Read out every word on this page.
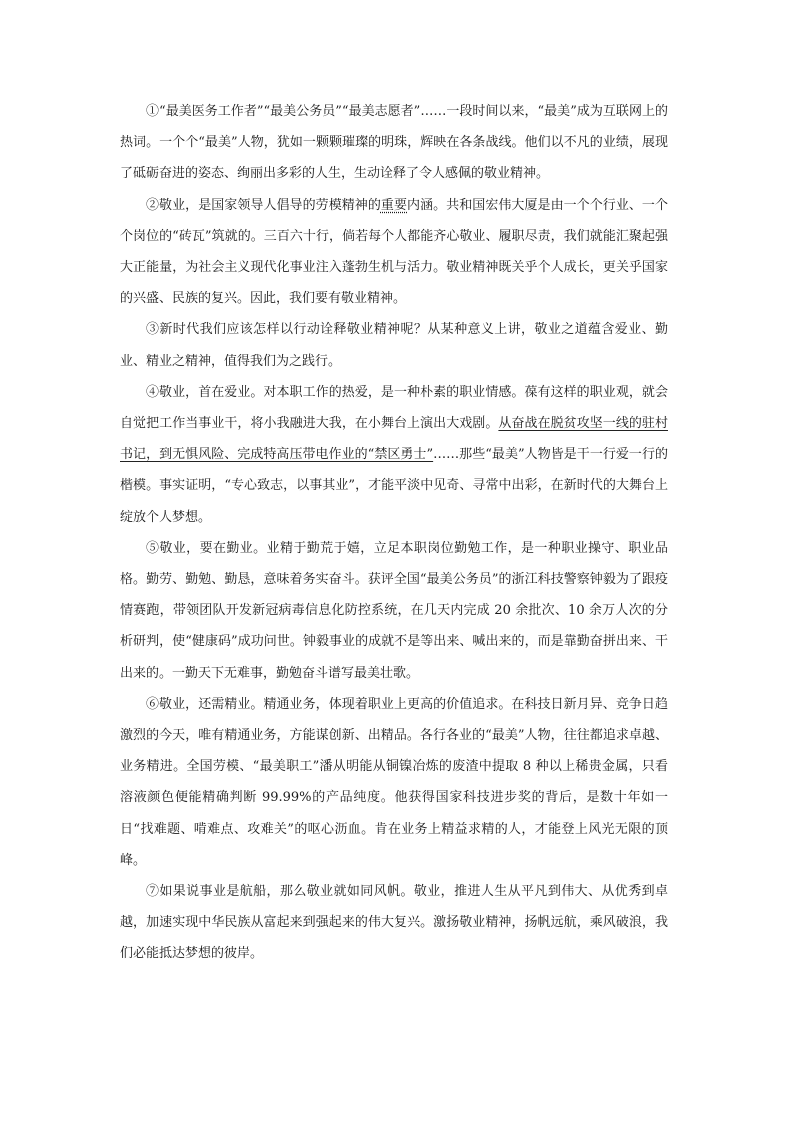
①“最美医务工作者”“最美公务员”“最美志愿者”……一段时间以来，“最美”成为互联网上的热词。一个个“最美”人物，犹如一颗颗璀璨的明珠，辉映在各条战线。他们以不凡的业绩，展现了砥砺奋进的姿态、绚丽出多彩的人生，生动诠释了令人感佩的敬业精神。

②敬业，是国家领导人倡导的劳模精神的重要内涵。共和国宏伟大厦是由一个个行业、一个个岗位的“砖瓦”筑就的。三百六十行，倘若每个人都能齐心敬业、履职尽责，我们就能汇聚起强大正能量，为社会主义现代化事业注入蓬勃生机与活力。敬业精神既关乎个人成长，更关乎国家的兴盛、民族的复兴。因此，我们要有敬业精神。

③新时代我们应该怎样以行动诠释敬业精神呢？从某种意义上讲，敬业之道蕴含爱业、勤业、精业之精神，值得我们为之践行。

④敬业，首在爱业。对本职工作的热爱，是一种朴素的职业情感。葆有这样的职业观，就会自觉把工作当事业干，将小我融进大我，在小舞台上演出大戏剧。从奋战在脱贫攻坚一线的驻村书记，到无惧风险、完成特高压带电作业的“禁区勇士”……那些“最美”人物皆是干一行爱一行的楷模。事实证明，“专心致志，以事其业”，才能平淡中见奇、寻常中出彩，在新时代的大舞台上绽放个人梦想。

⑤敬业，要在勤业。业精于勤荒于嬉，立足本职岗位勤勉工作，是一种职业操守、职业品格。勤劳、勤勉、勤恳，意味着务实奋斗。获评全国“最美公务员”的浙江科技警察钟毅为了跟疫情赛跑，带领团队开发新冠病毒信息化防控系统，在几天内完成 20 余批次、10 余万人次的分析研判，使“健康码”成功问世。钟毅事业的成就不是等出来、喊出来的，而是靠勤奋拼出来、干出来的。一勤天下无难事，勤勉奋斗谱写最美壮歌。

⑥敬业，还需精业。精通业务，体现着职业上更高的价值追求。在科技日新月异、竞争日趋激烈的今天，唯有精通业务，方能谋创新、出精品。各行各业的“最美”人物，往往都追求卓越、业务精进。全国劳模、“最美职工”潘从明能从铜镍冶炼的废渣中提取 8 种以上稀贵金属，只看溶液颜色便能精确判断 99.99%的产品纯度。他获得国家科技进步奖的背后，是数十年如一日“找难题、啃难点、攻难关”的呕心沥血。肯在业务上精益求精的人，才能登上风光无限的顶峰。

⑦如果说事业是航船，那么敬业就如同风帆。敬业，推进人生从平凡到伟大、从优秀到卓越，加速实现中华民族从富起来到强起来的伟大复兴。激扬敬业精神，扬帆远航，乘风破浪，我们必能抵达梦想的彼岸。
